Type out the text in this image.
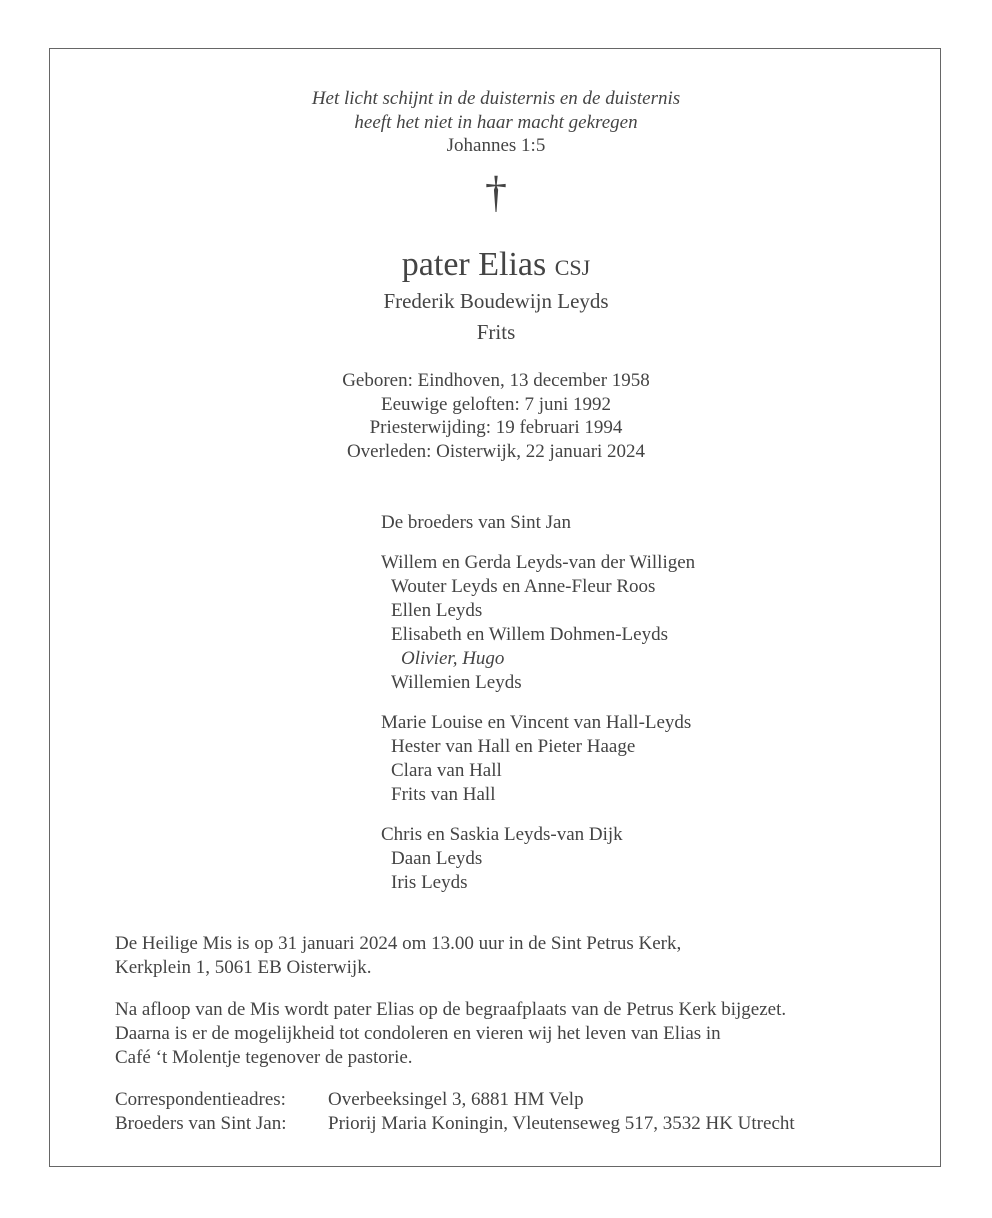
Het licht schijnt in de duisternis en de duisternis
heeft het niet in haar macht gekregen
Johannes 1:5
†
pater Elias CSJ
Frederik Boudewijn Leyds
Frits
Geboren: Eindhoven, 13 december 1958
Eeuwige geloften: 7 juni 1992
Priesterwijding: 19 februari 1994
Overleden: Oisterwijk, 22 januari 2024
De broeders van Sint Jan
Willem en Gerda Leyds-van der Willigen
Wouter Leyds en Anne-Fleur Roos
Ellen Leyds
Elisabeth en Willem Dohmen-Leyds
Olivier, Hugo
Willemien Leyds
Marie Louise en Vincent van Hall-Leyds
Hester van Hall en Pieter Haage
Clara van Hall
Frits van Hall
Chris en Saskia Leyds-van Dijk
Daan Leyds
Iris Leyds
De Heilige Mis is op 31 januari 2024 om 13.00 uur in de Sint Petrus Kerk,
Kerkplein 1, 5061 EB Oisterwijk.
Na afloop van de Mis wordt pater Elias op de begraafplaats van de Petrus Kerk bijgezet.
Daarna is er de mogelijkheid tot condoleren en vieren wij het leven van Elias in
Café ‘t Molentje tegenover de pastorie.
Correspondentieadres:	Overbeeksingel 3, 6881 HM Velp
Broeders van Sint Jan:	Priorij Maria Koningin, Vleutenseweg 517, 3532 HK Utrecht
